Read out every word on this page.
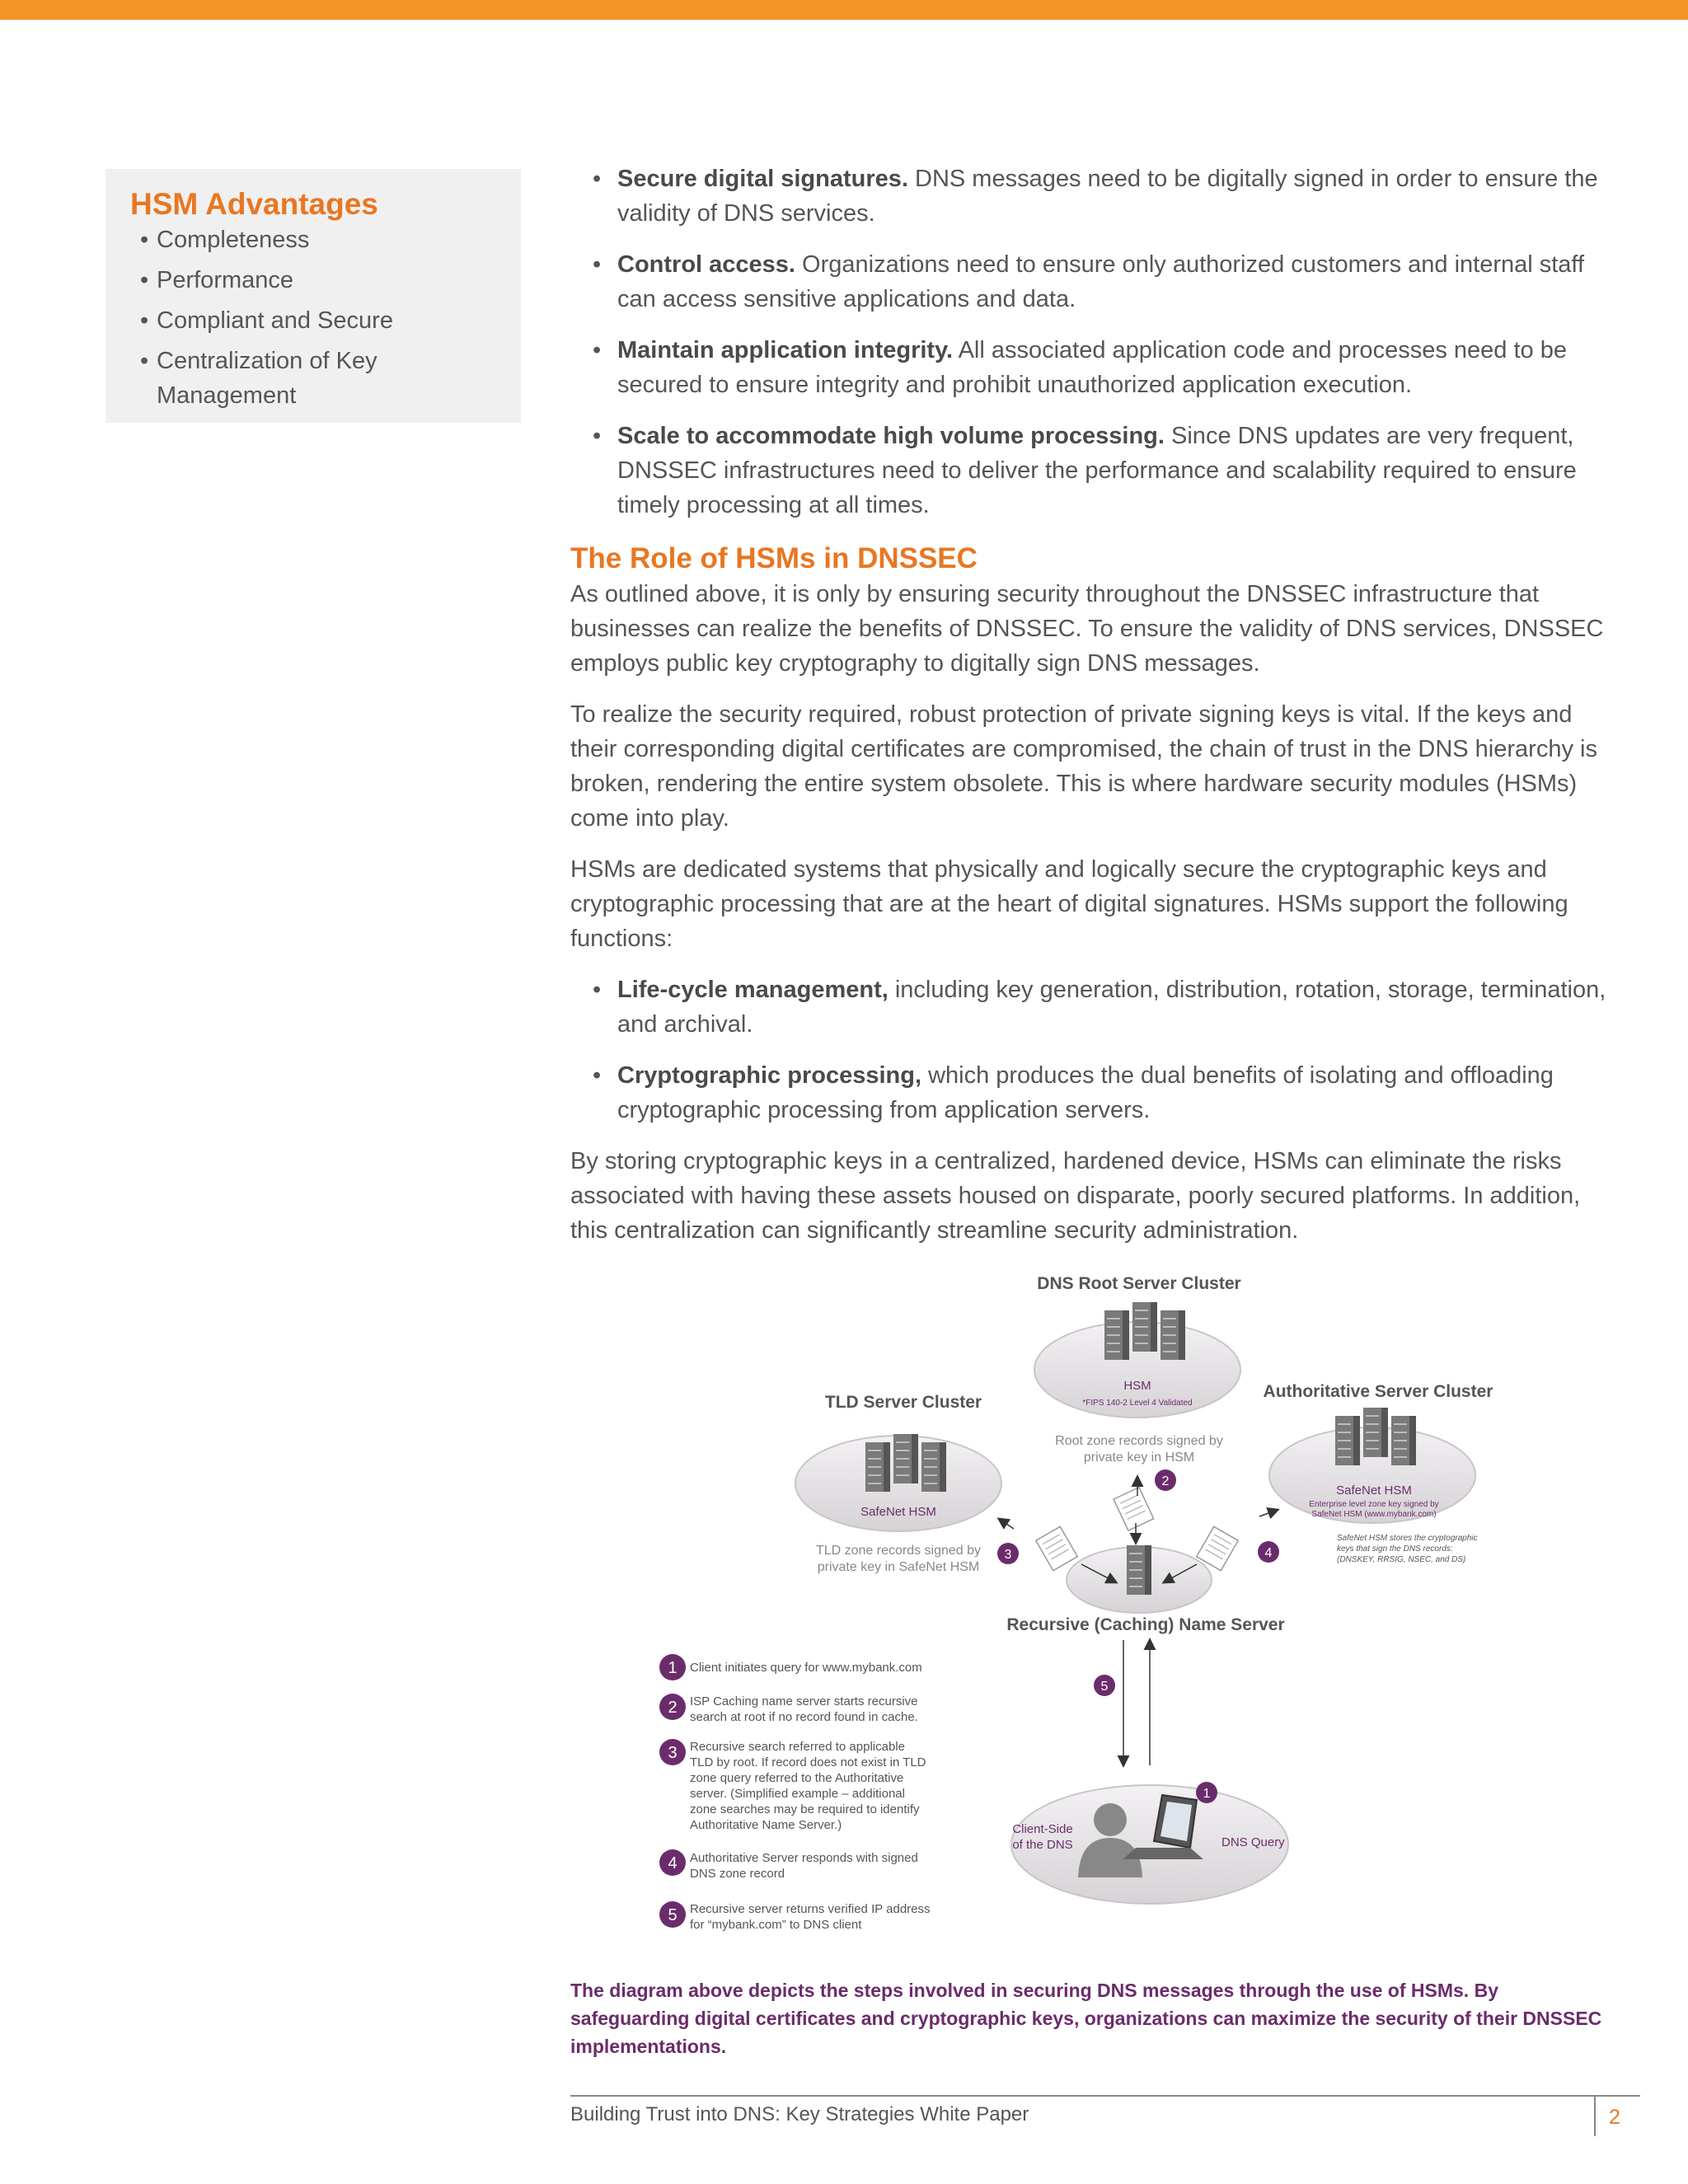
HSM Advantages
• Completeness
• Performance
• Compliant and Secure
• Centralization of Key Management
• Secure digital signatures. DNS messages need to be digitally signed in order to ensure the validity of DNS services.
• Control access. Organizations need to ensure only authorized customers and internal staff can access sensitive applications and data.
• Maintain application integrity. All associated application code and processes need to be secured to ensure integrity and prohibit unauthorized application execution.
• Scale to accommodate high volume processing. Since DNS updates are very frequent, DNSSEC infrastructures need to deliver the performance and scalability required to ensure timely processing at all times.
The Role of HSMs in DNSSEC

As outlined above, it is only by ensuring security throughout the DNSSEC infrastructure that businesses can realize the benefits of DNSSEC. To ensure the validity of DNS services, DNSSEC employs public key cryptography to digitally sign DNS messages.

To realize the security required, robust protection of private signing keys is vital. If the keys and their corresponding digital certificates are compromised, the chain of trust in the DNS hierarchy is broken, rendering the entire system obsolete. This is where hardware security modules (HSMs) come into play.

HSMs are dedicated systems that physically and logically secure the cryptographic keys and cryptographic processing that are at the heart of digital signatures. HSMs support the following functions:

• Life-cycle management, including key generation, distribution, rotation, storage, termination, and archival.
• Cryptographic processing, which produces the dual benefits of isolating and offloading cryptographic processing from application servers.

By storing cryptographic keys in a centralized, hardened device, HSMs can eliminate the risks associated with having these assets housed on disparate, poorly secured platforms. In addition, this centralization can significantly streamline security administration.

DNS Root Server Cluster
HSM
*FIPS 140-2 Level 4 Validated
Root zone records signed by
private key in HSM
TLD Server Cluster
SafeNet HSM
TLD zone records signed by
private key in SafeNet HSM
Authoritative Server Cluster
SafeNet HSM
Enterprise level zone key signed by
SafeNet HSM (www.mybank.com)
SafeNet HSM stores the cryptographic
keys that sign the DNS records:
(DNSKEY, RRSIG, NSEC, and DS)
Recursive (Caching) Name Server
Client-Side
of the DNS	DNS Query
2
3	4
5
1
1 Client initiates query for www.mybank.com
2 ISP Caching name server starts recursive
search at root if no record found in cache.
3 Recursive search referred to applicable
TLD by root. If record does not exist in TLD
zone query referred to the Authoritative
server. (Simplified example – additional
zone searches may be required to identify
Authoritative Name Server.)
4 Authoritative Server responds with signed
DNS zone record
5 Recursive server returns verified IP address
for “mybank.com” to DNS client
The diagram above depicts the steps involved in securing DNS messages through the use of HSMs. By safeguarding digital certificates and cryptographic keys, organizations can maximize the security of their DNSSEC implementations.
Building Trust into DNS: Key Strategies White Paper	2
